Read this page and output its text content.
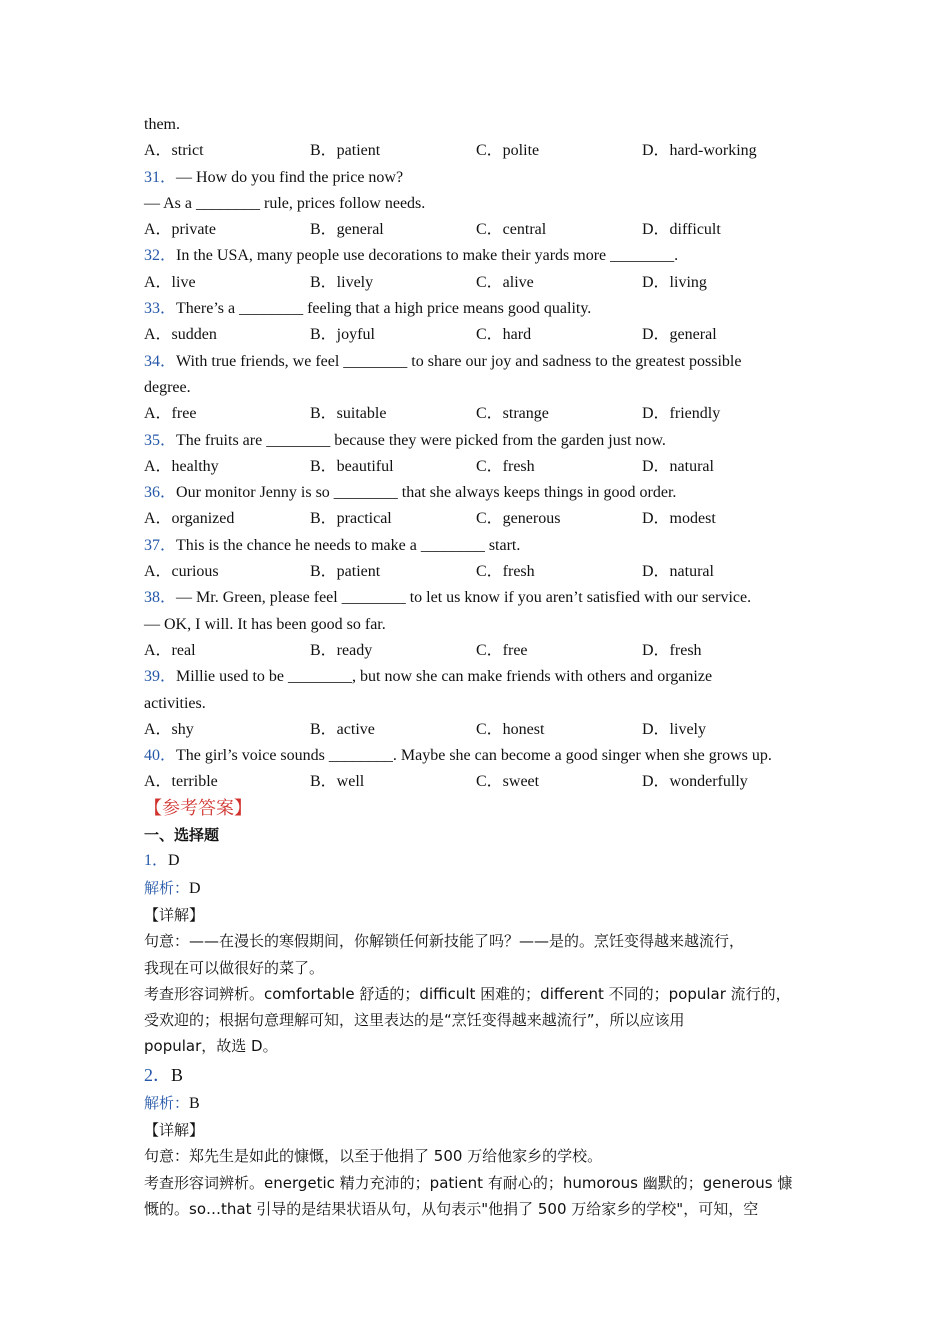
them.
A．strict	B．patient	C．polite	D．hard-working
31．— How do you find the price now?
— As a ________ rule, prices follow needs.
A．private	B．general	C．central	D．difficult
32．In the USA, many people use decorations to make their yards more ________.
A．live	B．lively	C．alive	D．living
33．There’s a ________ feeling that a high price means good quality.
A．sudden	B．joyful	C．hard	D．general
34．With true friends, we feel ________ to share our joy and sadness to the greatest possible
degree.
A．free	B．suitable	C．strange	D．friendly
35．The fruits are ________ because they were picked from the garden just now.
A．healthy	B．beautiful	C．fresh	D．natural
36．Our monitor Jenny is so ________ that she always keeps things in good order.
A．organized	B．practical	C．generous	D．modest
37．This is the chance he needs to make a ________ start.
A．curious	B．patient	C．fresh	D．natural
38．— Mr. Green, please feel ________ to let us know if you aren’t satisfied with our service.
— OK, I will. It has been good so far.
A．real	B．ready	C．free	D．fresh
39．Millie used to be ________, but now she can make friends with others and organize
activities.
A．shy	B．active	C．honest	D．lively
40．The girl’s voice sounds ________. Maybe she can become a good singer when she grows up.
A．terrible	B．well	C．sweet	D．wonderfully
【参考答案】
一、选择题
1．D
解析：D
【详解】
句意：——在漫长的寒假期间，你解锁任何新技能了吗？——是的。烹饪变得越来越流行，
我现在可以做很好的菜了。
考查形容词辨析。comfortable 舒适的；difficult 困难的；different 不同的；popular 流行的，
受欢迎的；根据句意理解可知，这里表达的是“烹饪变得越来越流行”，所以应该用
popular，故选 D。
2．B
解析：B
【详解】
句意：郑先生是如此的慷慨，以至于他捐了 500 万给他家乡的学校。
考查形容词辨析。energetic 精力充沛的；patient 有耐心的；humorous 幽默的；generous 慷
慨的。so…that 引导的是结果状语从句，从句表示"他捐了 500 万给家乡的学校"，可知，空
